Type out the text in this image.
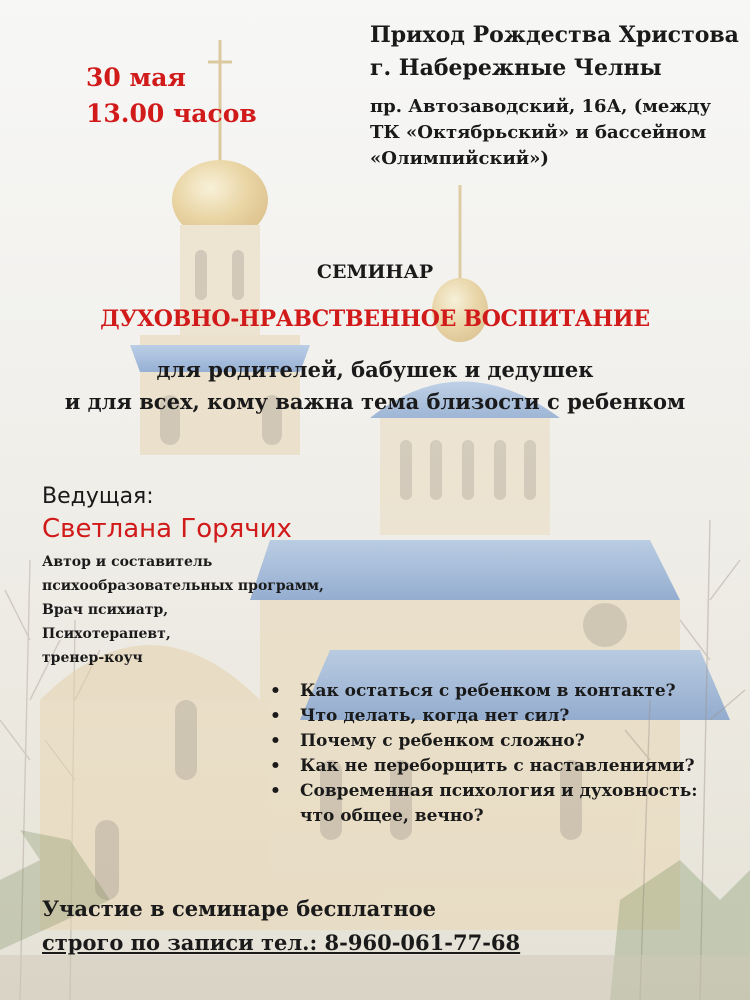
30 мая
13.00 часов
Приход Рождества Христова
г. Набережные Челны
пр. Автозаводский, 16А, (между
ТК «Октябрьский» и бассейном
«Олимпийский»)
СЕМИНАР
ДУХОВНО-НРАВСТВЕННОЕ ВОСПИТАНИЕ
для родителей, бабушек и дедушек
и для всех, кому важна тема близости с ребенком
Ведущая:
Светлана Горячих
Автор и составитель
психообразовательных программ,
Врач психиатр,
Психотерапевт,
тренер-коуч
• Как остаться с ребенком в контакте?
• Что делать, когда нет сил?
• Почему с ребенком сложно?
• Как не переборщить с наставлениями?
• Современная психология и духовность:
что общее, вечно?
Участие в семинаре бесплатное
строго по записи тел.: 8-960-061-77-68
